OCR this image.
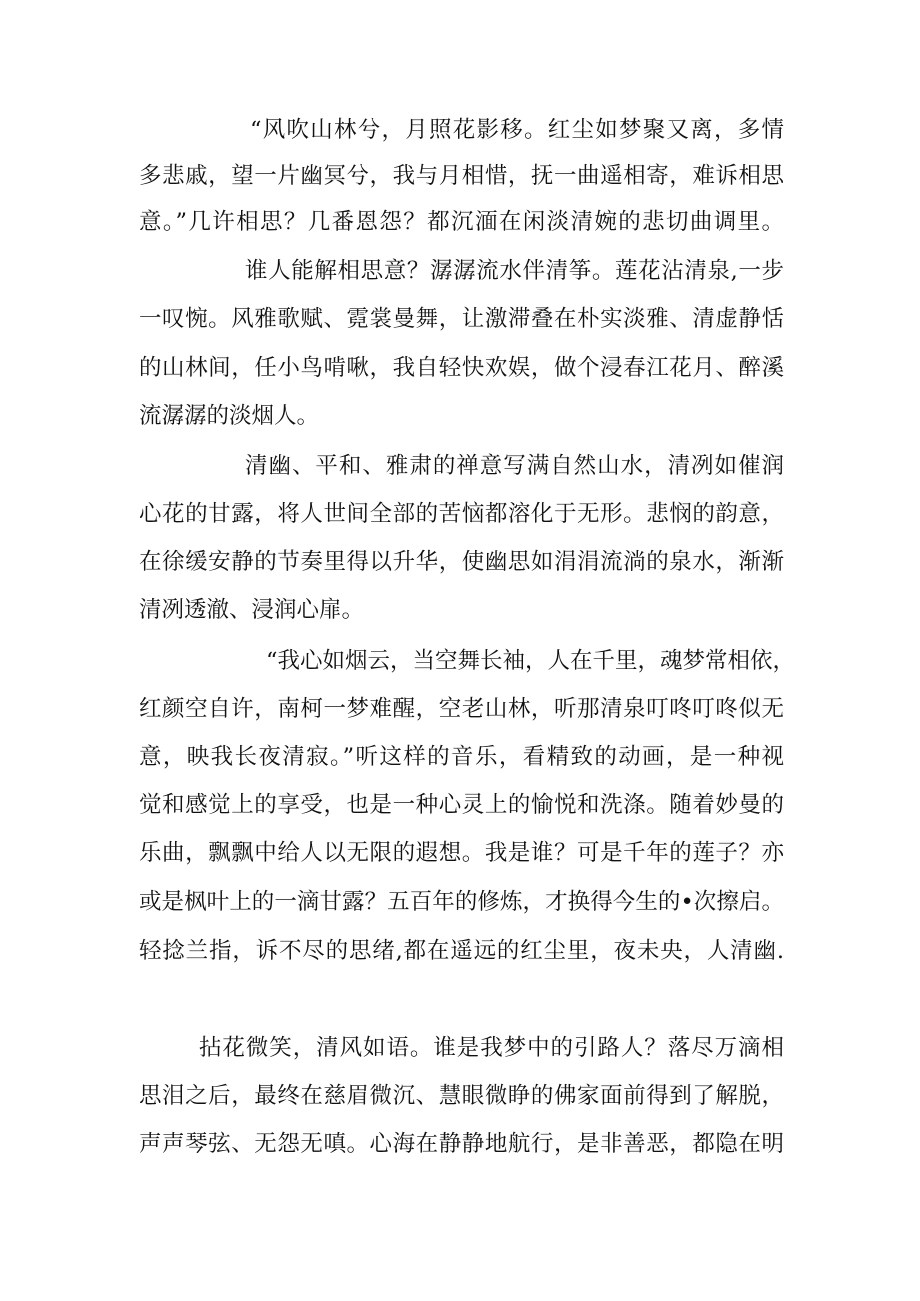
“风吹山林兮，月照花影移。红尘如梦聚又离，多情
多悲戚，望一片幽冥兮，我与月相惜，抚一曲遥相寄，难诉相思
意。”几许相思？几番恩怨？都沉湎在闲淡清婉的悲切曲调里。
谁人能解相思意？潺潺流水伴清筝。莲花沾清泉,一步
一叹惋。风雅歌赋、霓裳曼舞，让激滞叠在朴实淡雅、清虚静恬
的山林间，任小鸟啃啾，我自轻快欢娱，做个浸春江花月、醉溪
流潺潺的淡烟人。
清幽、平和、雅肃的禅意写满自然山水，清冽如催润
心花的甘露，将人世间全部的苦恼都溶化于无形。悲悯的韵意，
在徐缓安静的节奏里得以升华，使幽思如涓涓流淌的泉水，渐渐
清冽透澈、浸润心扉。
“我心如烟云，当空舞长袖，人在千里，魂梦常相依，
红颜空自许，南柯一梦难醒，空老山林，听那清泉叮咚叮咚似无
意，映我长夜清寂。”听这样的音乐，看精致的动画，是一种视
觉和感觉上的享受，也是一种心灵上的愉悦和洗涤。随着妙曼的
乐曲，飘飘中给人以无限的遐想。我是谁？可是千年的莲子？亦
或是枫叶上的一滴甘露？五百年的修炼，才换得今生的•次擦启。
轻捻兰指，诉不尽的思绪,都在遥远的红尘里，夜未央，人清幽.
拈花微笑，清风如语。谁是我梦中的引路人？落尽万滴相
思泪之后，最终在慈眉微沉、慧眼微睁的佛家面前得到了解脱，
声声琴弦、无怨无嗔。心海在静静地航行，是非善恶，都隐在明
